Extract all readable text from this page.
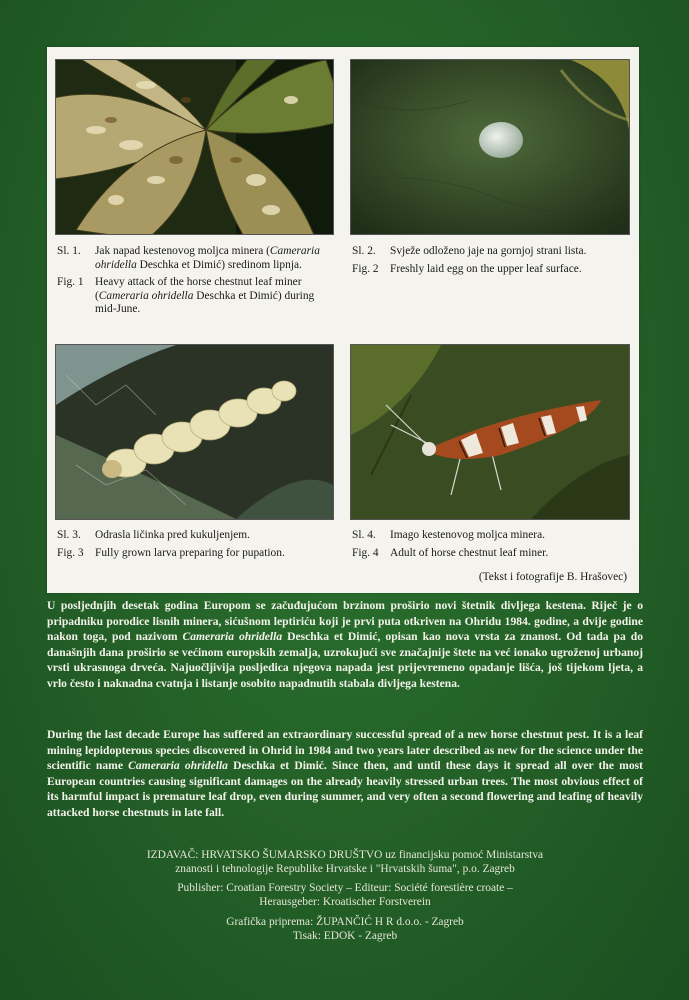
Sl. 1.	Jak napad kestenovog moljca minera (Cameraria ohridella Deschka et Dimić) sredinom lipnja.
Fig. 1	Heavy attack of the horse chestnut leaf miner (Cameraria ohridella Deschka et Dimić) during mid-June.
Sl. 2.	Svježe odloženo jaje na gornjoj strani lista.
Fig. 2	Freshly laid egg on the upper leaf surface.
Sl. 3.	Odrasla ličinka pred kukuljenjem.
Fig. 3	Fully grown larva preparing for pupation.
Sl. 4.	Imago kestenovog moljca minera.
Fig. 4	Adult of horse chestnut leaf miner.
(Tekst i fotografije B. Hrašovec)
U posljednjih desetak godina Europom se začuđujućom brzinom proširio novi štetnik divljega kestena. Riječ je o pripadniku porodice lisnih minera, sićušnom leptiriću koji je prvi puta otkriven na Ohridu 1984. godine, a dvije godine nakon toga, pod nazivom Cameraria ohridella Deschka et Dimić, opisan kao nova vrsta za znanost. Od tada pa do današnjih dana proširio se većinom europskih zemalja, uzrokujući sve značajnije štete na već ionako ugroženoj urbanoj vrsti ukrasnoga drveća. Najuočljivija posljedica njegova napada jest prijevremeno opadanje lišća, još tijekom ljeta, a vrlo često i naknadna cvatnja i listanje osobito napadnutih stabala divljega kestena.
During the last decade Europe has suffered an extraordinary successful spread of a new horse chestnut pest. It is a leaf mining lepidopterous species discovered in Ohrid in 1984 and two years later described as new for the science under the scientific name Cameraria ohridella Deschka et Dimić. Since then, and until these days it spread all over the most European countries causing significant damages on the already heavily stressed urban trees. The most obvious effect of its harmful impact is premature leaf drop, even during summer, and very often a second flowering and leafing of heavily attacked horse chestnuts in late fall.
IZDAVAČ: HRVATSKO ŠUMARSKO DRUŠTVO uz financijsku pomoć Ministarstva
znanosti i tehnologije Republike Hrvatske i "Hrvatskih šuma", p.o. Zagreb
Publisher: Croatian Forestry Society – Editeur: Société forestière croate –
Herausgeber: Kroatischer Forstverein
Grafička priprema: ŽUPANČIĆ H R d.o.o. - Zagreb
Tisak: EDOK - Zagreb
